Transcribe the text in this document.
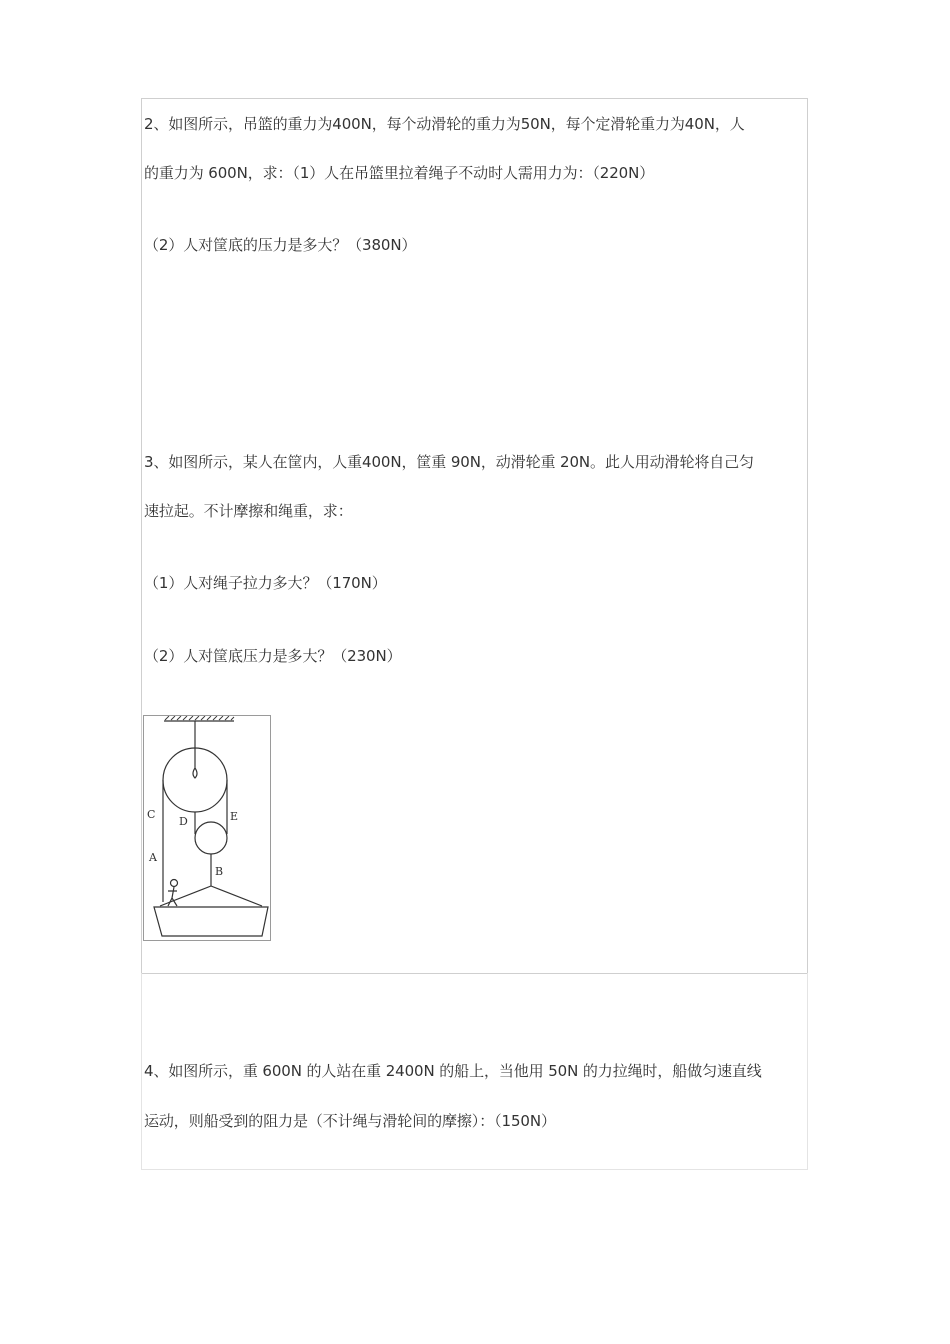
2、如图所示，吊篮的重力为400N，每个动滑轮的重力为50N，每个定滑轮重力为40N，人
的重力为 600N，求：（1）人在吊篮里拉着绳子不动时人需用力为：（220N）
（2）人对筐底的压力是多大？（380N）
3、如图所示，某人在筐内，人重400N，筐重 90N，动滑轮重 20N。此人用动滑轮将自己匀
速拉起。不计摩擦和绳重，求：
（1）人对绳子拉力多大？（170N）
（2）人对筐底压力是多大？（230N）
C
D	E
A
B
4、如图所示，重 600N 的人站在重 2400N 的船上，当他用 50N 的力拉绳时，船做匀速直线
运动，则船受到的阻力是（不计绳与滑轮间的摩擦）：（150N）
